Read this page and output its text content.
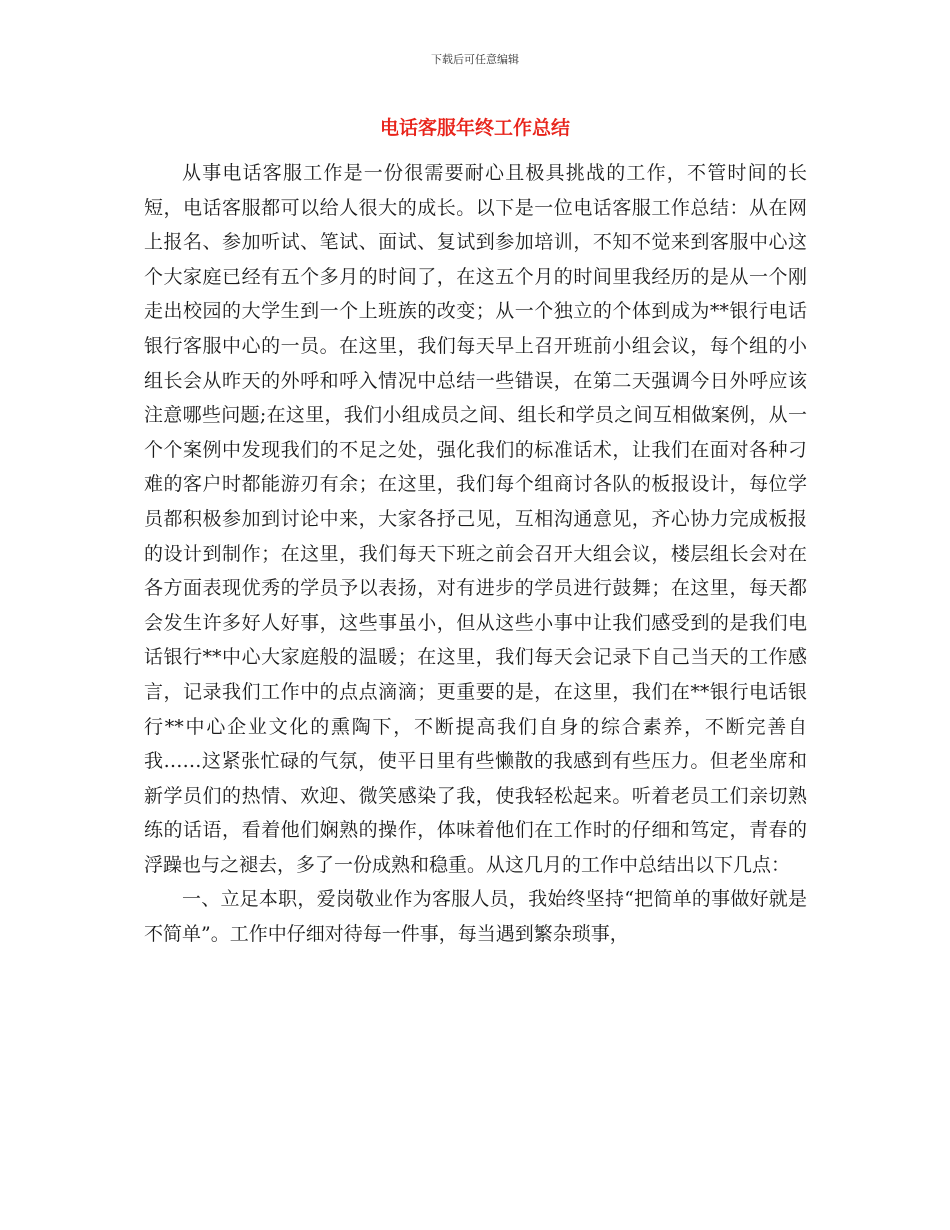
下载后可任意编辑
电话客服年终工作总结

从事电话客服工作是一份很需要耐心且极具挑战的工作，不管时间的长短，电话客服都可以给人很大的成长。以下是一位电话客服工作总结：从在网上报名、参加听试、笔试、面试、复试到参加培训，不知不觉来到客服中心这个大家庭已经有五个多月的时间了，在这五个月的时间里我经历的是从一个刚走出校园的大学生到一个上班族的改变；从一个独立的个体到成为**银行电话银行客服中心的一员。在这里，我们每天早上召开班前小组会议，每个组的小组长会从昨天的外呼和呼入情况中总结一些错误，在第二天强调今日外呼应该注意哪些问题;在这里，我们小组成员之间、组长和学员之间互相做案例，从一个个案例中发现我们的不足之处，强化我们的标准话术，让我们在面对各种刁难的客户时都能游刃有余；在这里，我们每个组商讨各队的板报设计，每位学员都积极参加到讨论中来，大家各抒己见，互相沟通意见，齐心协力完成板报的设计到制作；在这里，我们每天下班之前会召开大组会议，楼层组长会对在各方面表现优秀的学员予以表扬，对有进步的学员进行鼓舞；在这里，每天都会发生许多好人好事，这些事虽小，但从这些小事中让我们感受到的是我们电话银行**中心大家庭般的温暖；在这里，我们每天会记录下自己当天的工作感言，记录我们工作中的点点滴滴；更重要的是，在这里，我们在**银行电话银行**中心企业文化的熏陶下，不断提高我们自身的综合素养，不断完善自我……这紧张忙碌的气氛，使平日里有些懒散的我感到有些压力。但老坐席和新学员们的热情、欢迎、微笑感染了我，使我轻松起来。听着老员工们亲切熟练的话语，看着他们娴熟的操作，体味着他们在工作时的仔细和笃定，青春的浮躁也与之褪去，多了一份成熟和稳重。从这几月的工作中总结出以下几点：

一、立足本职，爱岗敬业作为客服人员，我始终坚持“把简单的事做好就是不简单”。工作中仔细对待每一件事，每当遇到繁杂琐事，
